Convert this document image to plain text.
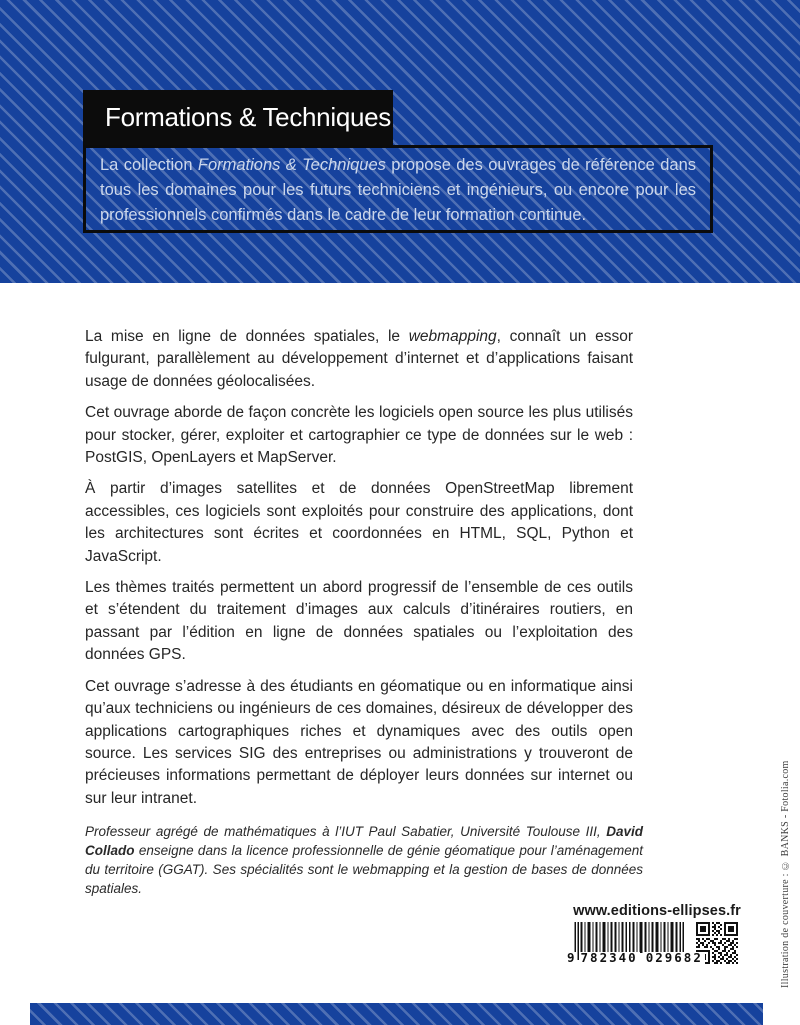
Formations & Techniques
La collection Formations & Techniques propose des ouvrages de référence dans tous les domaines pour les futurs techniciens et ingénieurs, ou encore pour les professionnels confirmés dans le cadre de leur formation continue.

La mise en ligne de données spatiales, le webmapping, connaît un essor fulgurant, parallèlement au développement d’internet et d’applications faisant usage de données géolocalisées.

Cet ouvrage aborde de façon concrète les logiciels open source les plus utilisés pour stocker, gérer, exploiter et cartographier ce type de données sur le web : PostGIS, OpenLayers et MapServer.

À partir d’images satellites et de données OpenStreetMap librement accessibles, ces logiciels sont exploités pour construire des applications, dont les architectures sont écrites et coordonnées en HTML, SQL, Python et JavaScript.

Les thèmes traités permettent un abord progressif de l’ensemble de ces outils et s’étendent du traitement d’images aux calculs d’itinéraires routiers, en passant par l’édition en ligne de données spatiales ou l’exploitation des données GPS.

Cet ouvrage s’adresse à des étudiants en géomatique ou en informatique ainsi qu’aux techniciens ou ingénieurs de ces domaines, désireux de développer des applications cartographiques riches et dynamiques avec des outils open source. Les services SIG des entreprises ou administrations y trouveront de précieuses informations permettant de déployer leurs données sur internet ou sur leur intranet.

Professeur agrégé de mathématiques à l’IUT Paul Sabatier, Université Toulouse III, David Collado enseigne dans la licence professionnelle de génie géomatique pour l’aménagement du territoire (GGAT). Ses spécialités sont le webmapping et la gestion de bases de données spatiales.
www.editions-ellipses.fr
9 782340 029682	Illustration de couverture : © BANKS - Fotolia.com
